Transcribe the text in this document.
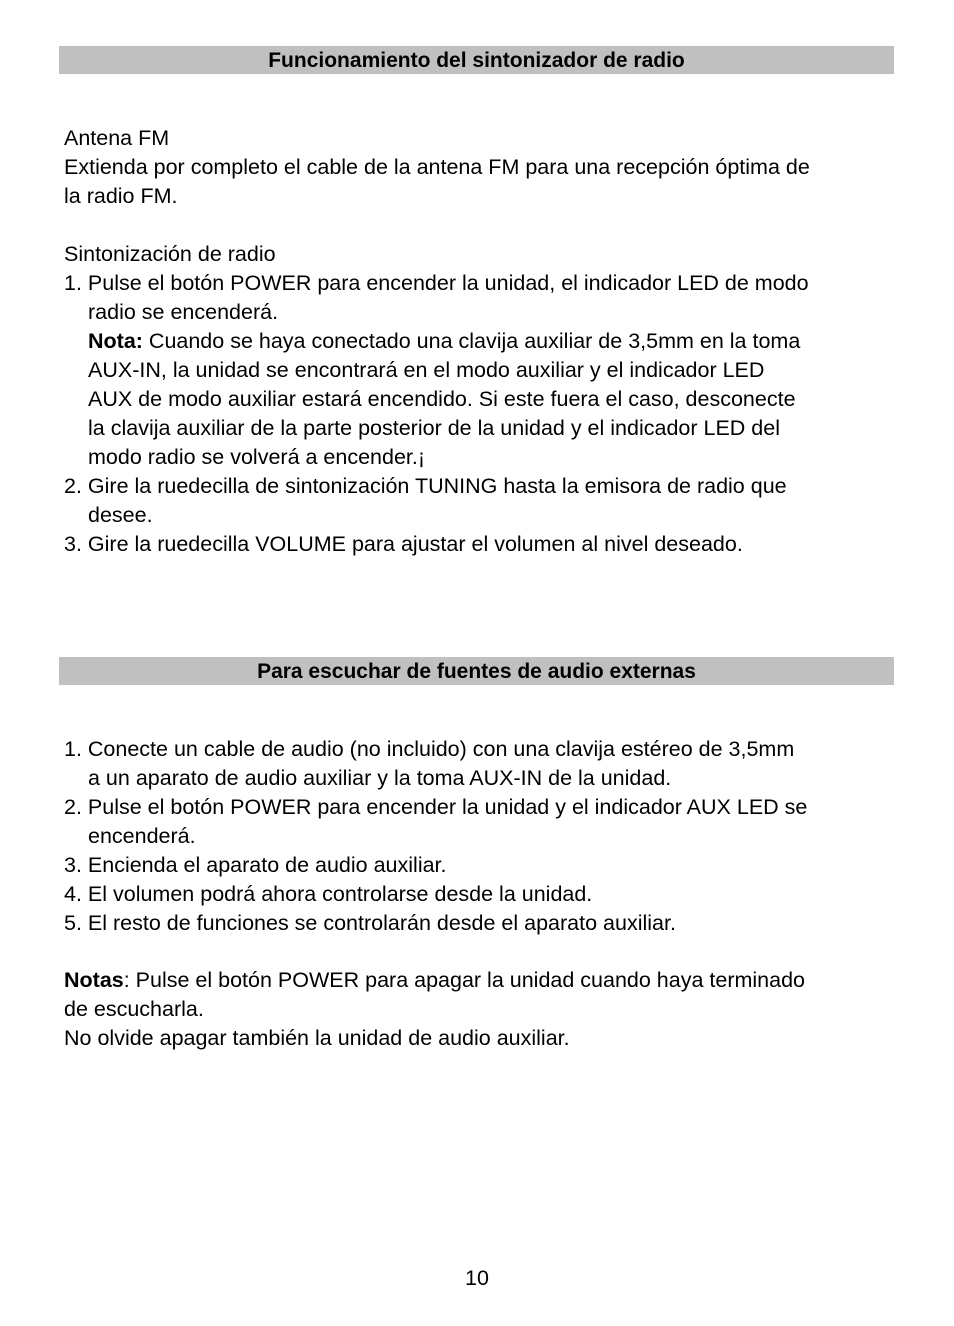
Funcionamiento del sintonizador de radio

Antena FM

Extienda por completo el cable de la antena FM para una recepción óptima de

la radio FM.

Sintonización de radio

1. Pulse el botón POWER para encender la unidad, el indicador LED de modo

radio se encenderá.

Nota: Cuando se haya conectado una clavija auxiliar de 3,5mm en la toma

AUX-IN, la unidad se encontrará en el modo auxiliar y el indicador LED

AUX de modo auxiliar estará encendido. Si este fuera el caso, desconecte

la clavija auxiliar de la parte posterior de la unidad y el indicador LED del

modo radio se volverá a encender.¡

2. Gire la ruedecilla de sintonización TUNING hasta la emisora de radio que

desee.

3. Gire la ruedecilla VOLUME para ajustar el volumen al nivel deseado.

Para escuchar de fuentes de audio externas

1. Conecte un cable de audio (no incluido) con una clavija estéreo de 3,5mm

a un aparato de audio auxiliar y la toma AUX-IN de la unidad.

2. Pulse el botón POWER para encender la unidad y el indicador AUX LED se

encenderá.

3. Encienda el aparato de audio auxiliar.

4. El volumen podrá ahora controlarse desde la unidad.

5. El resto de funciones se controlarán desde el aparato auxiliar.

Notas: Pulse el botón POWER para apagar la unidad cuando haya terminado

de escucharla.

No olvide apagar también la unidad de audio auxiliar.

10
